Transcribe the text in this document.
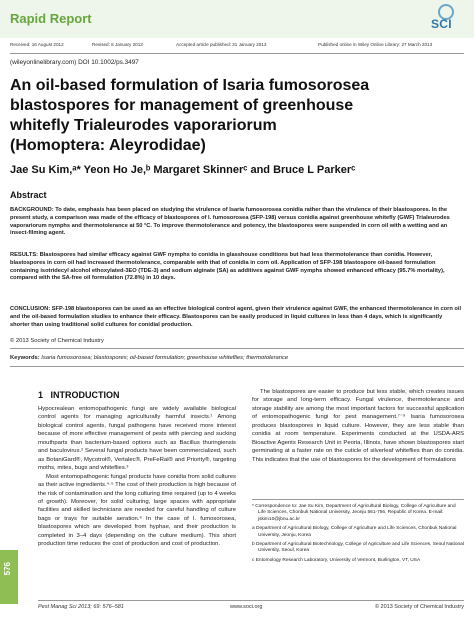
Rapid Report	SCI
Received: 16 August 2012	Revised: 8 January 2013	Accepted article published: 31 January 2013	Published online in Wiley Online Library: 27 March 2013
(wileyonlinelibrary.com) DOI 10.1002/ps.3497
An oil-based formulation of Isaria fumosorosea
blastospores for management of greenhouse
whitefly Trialeurodes vaporariorum
(Homoptera: Aleyrodidae)
Jae Su Kim,ᵃ* Yeon Ho Je,ᵇ Margaret Skinnerᶜ and Bruce L Parkerᶜ
Abstract
BACKGROUND: To date, emphasis has been placed on studying the virulence of Isaria fumosorosea conidia rather than the virulence of their blastospores. In the present study, a comparison was made of the efficacy of blastospores of I. fumosorosea (SFP-198) versus conidia against greenhouse whitefly (GWF) Trialeurodes vaporariorum nymphs and thermotolerance at 50 °C. To improve thermotolerance and potency, the blastospores were suspended in corn oil with a wetting and an insect-filming agent.
RESULTS: Blastospores had similar efficacy against GWF nymphs to conidia in glasshouse conditions but had less thermotolerance than conidia. However, blastospores in corn oil had increased thermotolerance, comparable with that of conidia in corn oil. Application of SFP-198 blastospore oil-based formulation containing isotridecyl alcohol ethoxylated-3EO (TDE-3) and sodium alginate (SA) as additives against GWF nymphs showed enhanced efficacy (95.7% mortality), compared with the SA-free oil formulation (72.8%) in 10 days.
CONCLUSION: SFP-198 blastospores can be used as an effective biological control agent, given their virulence against GWF, the enhanced thermotolerance in corn oil and the oil-based formulation studies to enhance their efficacy. Blastospores can be easily produced in liquid cultures in less than 4 days, which is significantly shorter than using traditional solid cultures for conidial production.
© 2013 Society of Chemical Industry
Keywords: Isaria fumosorosea; blastospores; oil-based formulation; greenhouse whiteflies; thermotolerance
1 INTRODUCTION

Hypocrealean entomopathogenic fungi are widely available biological control agents for managing agriculturally harmful insects.¹ Among biological control agents, fungal pathogens have received more interest because of more effective management of pests with piercing and sucking mouthparts than bacterium-based options such as Bacillus thuringiensis and baculovirus.² Several fungal products have been commercialized, such as BotaniGard®, Mycotrol®, Vertalec®, PreFeRal® and Priority®, targeting moths, mites, bugs and whiteflies.³

Most entomopathogenic fungal products have conidia from solid cultures as their active ingredients.⁴·⁵ The cost of their production is high because of the risk of contamination and the long culturing time required (up to 4 weeks of growth). Moreover, for solid culturing, large spaces with appropriate facilities and skilled technicians are needed for careful handling of culture bags or trays for suitable aeration.⁶ In the case of I. fumosorosea, blastospores which are developed from hyphae, and their production is completed in 3–4 days (depending on the culture medium). This short production time reduces the cost of production and cost of production.

The blastospores are easier to produce but less stable, which creates issues for storage and long-term efficacy. Fungal virulence, thermotolerance and storage stability are among the most important factors for successful application of entomopathogenic fungi for pest management.⁷⁻⁹ Isaria fumosorosea produces blastospores in liquid culture. However, they are less stable than conidia at room temperature. Experiments conducted at the USDA-ARS Bioactive Agents Research Unit in Peoria, Illinois, have shown blastospores start germinating at a faster rate on the cuticle of silverleaf whiteflies than do conidia. This indicates that the use of blastospores for the development of formulations

* Correspondence to: Jae Su Kim, Department of Agricultural Biology, College of Agriculture and Life Sciences, Chonbuk National University, Jeonju 561-756, Republic of Korea. E-mail: jskim10@jbnu.ac.kr
a Department of Agricultural Biology, College of Agriculture and Life Sciences, Chonbuk National University, Jeonju, Korea
b Department of Agricultural Biotechnology, College of Agriculture and Life Sciences, Seoul National University, Seoul, Korea
c Entomology Research Laboratory, University of Vermont, Burlington, VT, USA
576
Pest Manag Sci 2013; 69: 576–581	www.soci.org	© 2013 Society of Chemical Industry
